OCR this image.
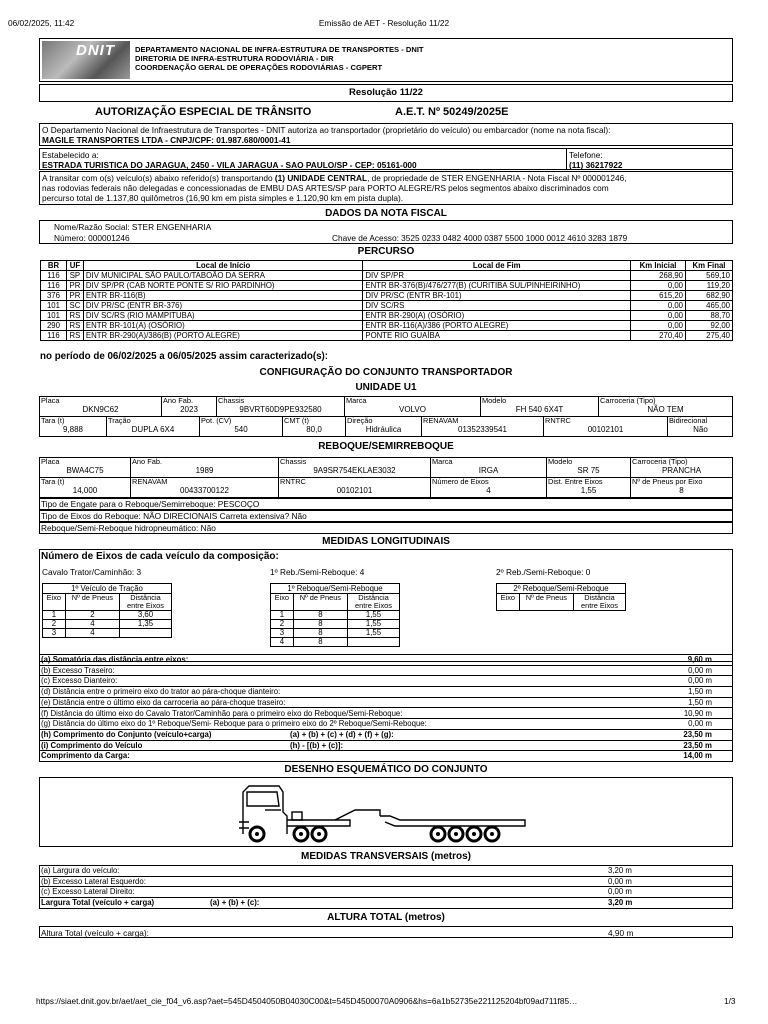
06/02/2025, 11:42	Emissão de AET - Resolução 11/22
DNIT	DEPARTAMENTO NACIONAL DE INFRA-ESTRUTURA DE TRANSPORTES - DNIT
DIRETORIA DE INFRA-ESTRUTURA RODOVIÁRIA - DIR
COORDENAÇÃO GERAL DE OPERAÇÕES RODOVIÁRIAS - CGPERT
Resolução 11/22
AUTORIZAÇÃO ESPECIAL DE TRÂNSITO	A.E.T. Nº 50249/2025E
O Departamento Nacional de Infraestrutura de Transportes - DNIT autoriza ao transportador (proprietário do veículo) ou embarcador (nome na nota fiscal):
MAGILE TRANSPORTES LTDA - CNPJ/CPF: 01.987.680/0001-41
Estabelecido a:
ESTRADA TURISTICA DO JARAGUA, 2450 - VILA JARAGUA - SAO PAULO/SP - CEP: 05161-000
Telefone:
(11) 36217922
A transitar com o(s) veículo(s) abaixo referido(s) transportando (1) UNIDADE CENTRAL, de propriedade de STER ENGENHARIA - Nota Fiscal Nº 000001246,
nas rodovias federais não delegadas e concessionadas de EMBU DAS ARTES/SP para PORTO ALEGRE/RS pelos segmentos abaixo discriminados com
percurso total de 1.137,80 quilômetros (16,90 km em pista simples e 1.120,90 km em pista dupla).
DADOS DA NOTA FISCAL
Nome/Razão Social: STER ENGENHARIA
Número: 000001246	Chave de Acesso: 3525 0233 0482 4000 0387 5500 1000 0012 4610 3283 1879
PERCURSO
BR	UF	Local de Início	Local de Fim	Km Inicial	Km Final
116	SP	DIV MUNICIPAL SÃO PAULO/TABOÃO DA SERRA	DIV SP/PR	268,90	569,10
116	PR	DIV SP/PR (CAB NORTE PONTE S/ RIO PARDINHO)	ENTR BR-376(B)/476/277(B) (CURITIBA SUL/PINHEIRINHO)	0,00	119,20
376	PR	ENTR BR-116(B)	DIV PR/SC (ENTR BR-101)	615,20	682,90
101	SC	DIV PR/SC (ENTR BR-376)	DIV SC/RS	0,00	465,00
101	RS	DIV SC/RS (RIO MAMPITUBA)	ENTR BR-290(A) (OSÓRIO)	0,00	88,70
290	RS	ENTR BR-101(A) (OSÓRIO)	ENTR BR-116(A)/386 (PORTO ALEGRE)	0,00	92,00
116	RS	ENTR BR-290(A)/386(B) (PORTO ALEGRE)	PONTE RIO GUAÍBA	270,40	275,40
no período de 06/02/2025 a 06/05/2025 assim caracterizado(s):
CONFIGURAÇÃO DO CONJUNTO TRANSPORTADOR
UNIDADE U1
Placa
DKN9C62
Ano Fab.
2023
Chassis
9BVRT60D9PE932580
Marca
VOLVO
Modelo
FH 540 6X4T
Carroceria (Tipo)
NÃO TEM
Tara (t)
9,888
Tração
DUPLA 6X4
Pot. (CV)
540
CMT (t)
80,0
Direção
Hidráulica
RENAVAM
01352339541
RNTRC
00102101
Bidirecional
Não
REBOQUE/SEMIRREBOQUE
Placa
BWA4C75
Ano Fab.
1989
Chassis
9A9SR754EKLAE3032
Marca
IRGA
Modelo
SR 75
Carroceria (Tipo)
PRANCHA
Tara (t)
14,000
RENAVAM
00433700122
RNTRC
00102101
Número de Eixos
4
Dist. Entre Eixos
1,55
Nº de Pneus por Eixo
8
Tipo de Engate para o Reboque/Semirreboque: PESCOÇO
Tipo de Eixos do Reboque: NÃO DIRECIONAIS Carreta extensiva? Não
Reboque/Semi-Reboque hidropneumático: Não
MEDIDAS LONGITUDINAIS
Número de Eixos de cada veículo da composição:
Cavalo Trator/Caminhão: 3	1º Reb./Semi-Reboque: 4	2º Reb./Semi-Reboque: 0
1º Veículo de Tração		
Eixo	Nº de Pneus	Distância entre Eixos
1	2	3,60
2	4	1,35
3	4	
1º Reboque/Semi-Reboque		
Eixo	Nº de Pneus	Distância entre Eixos
1	8	1,55
2	8	1,55
3	8	1,55
4	8	
2º Reboque/Semi-Reboque
Eixo	Nº de Pneus	Distância entre Eixos
(a) Somatória das distância entre eixos:	9,60 m
(b) Excesso Traseiro:	0,00 m
(c) Excesso Dianteiro:	0,00 m
(d) Distância entre o primeiro eixo do trator ao pára-choque dianteiro:	1,50 m
(e) Distância entre o último eixo da carroceria ao pára-choque traseiro:	1,50 m
(f) Distância do último eixo do Cavalo Trator/Caminhão para o primeiro eixo do Reboque/Semi-Reboque:	10,90 m
(g) Distância do último eixo do 1º Reboque/Semi- Reboque para o primeiro eixo do 2º Reboque/Semi-Reboque:	0,00 m
(h) Comprimento do Conjunto (veículo+carga)	(a) + (b) + (c) + (d) + (f) + (g):	23,50 m
(i) Comprimento do Veículo	(h) - [(b) + (c)]:	23,50 m
Comprimento da Carga:	14,00 m
DESENHO ESQUEMÁTICO DO CONJUNTO
MEDIDAS TRANSVERSAIS (metros)
(a) Largura do veículo:	3,20 m
(b) Excesso Lateral Esquerdo:	0,00 m
(c) Excesso Lateral Direito:	0,00 m
Largura Total (veículo + carga)	(a) + (b) + (c):	3,20 m
ALTURA TOTAL (metros)
Altura Total (veículo + carga):	4,90 m
https://siaet.dnit.gov.br/aet/aet_cie_f04_v6.asp?aet=545D4504050B04030C00&t=545D4500070A0906&hs=6a1b52735e221125204bf09ad711f85…	1/3
